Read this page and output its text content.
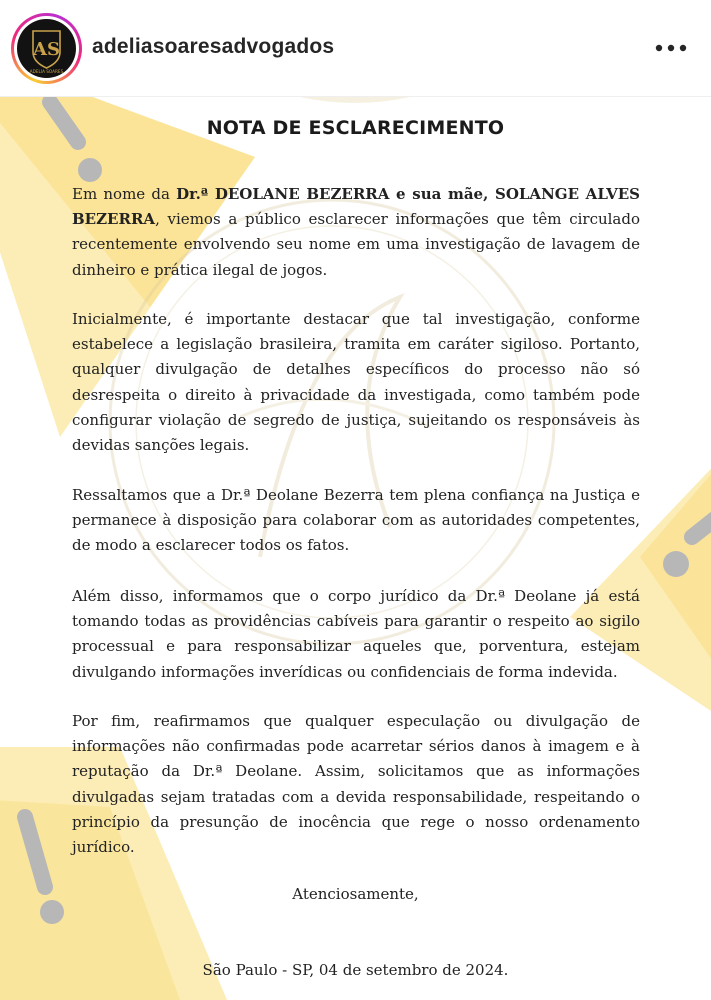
AS
ADELIA SOARES
adeliasoaresadvogados
NOTA DE ESCLARECIMENTO

Em nome da Dr.ª DEOLANE BEZERRA e sua mãe, SOLANGE ALVES BEZERRA, viemos a público esclarecer informações que têm circulado recentemente envolvendo seu nome em uma investigação de lavagem de dinheiro e prática ilegal de jogos.

Inicialmente, é importante destacar que tal investigação, conforme estabelece a legislação brasileira, tramita em caráter sigiloso. Portanto, qualquer divulgação de detalhes específicos do processo não só desrespeita o direito à privacidade da investigada, como também pode configurar violação de segredo de justiça, sujeitando os responsáveis às devidas sanções legais.

Ressaltamos que a Dr.ª Deolane Bezerra tem plena confiança na Justiça e permanece à disposição para colaborar com as autoridades competentes, de modo a esclarecer todos os fatos.

Além disso, informamos que o corpo jurídico da Dr.ª Deolane já está tomando todas as providências cabíveis para garantir o respeito ao sigilo processual e para responsabilizar aqueles que, porventura, estejam divulgando informações inverídicas ou confidenciais de forma indevida.

Por fim, reafirmamos que qualquer especulação ou divulgação de informações não confirmadas pode acarretar sérios danos à imagem e à reputação da Dr.ª Deolane. Assim, solicitamos que as informações divulgadas sejam tratadas com a devida responsabilidade, respeitando o princípio da presunção de inocência que rege o nosso ordenamento jurídico.

Atenciosamente,
São Paulo - SP, 04 de setembro de 2024.
